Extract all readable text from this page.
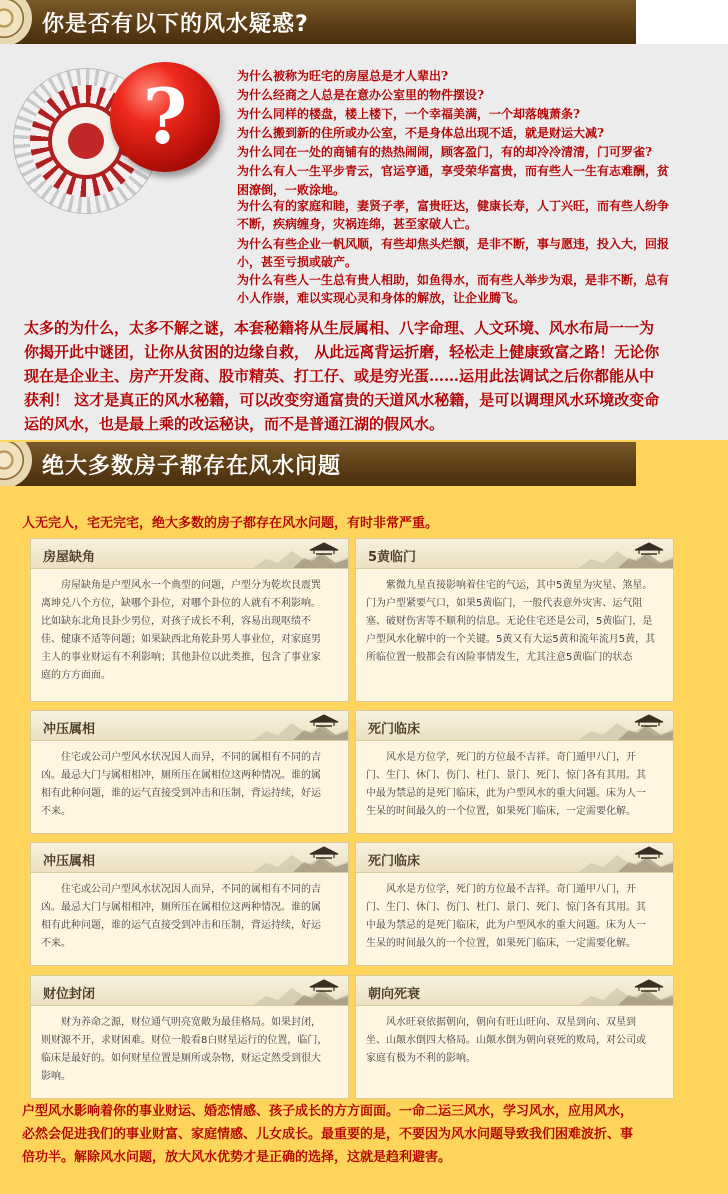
你是否有以下的风水疑惑?
?	为什么被称为旺宅的房屋总是才人辈出?
为什么经商之人总是在意办公室里的物件摆设?
为什么同样的楼盘，楼上楼下，一个幸福美满，一个却落魄萧条?
为什么搬到新的住所或办公室，不是身体总出现不适，就是财运大减?
为什么同在一处的商铺有的热热闹闹，顾客盈门，有的却冷冷清清，门可罗雀?
为什么有人一生平步青云，官运亨通，享受荣华富贵，而有些人一生有志难酬，贫
困潦倒，一败涂地。
为什么有的家庭和睦，妻贤子孝，富贵旺达，健康长寿，人丁兴旺，而有些人纷争
不断，疾病缠身，灾祸连绵，甚至家破人亡。
为什么有些企业一帆风顺，有些却焦头烂额，是非不断，事与愿违，投入大，回报
小，甚至亏损或破产。
为什么有些人一生总有贵人相助，如鱼得水，而有些人举步为艰，是非不断，总有
小人作崇，难以实现心灵和身体的解放，让企业腾飞。
太多的为什么，太多不解之谜，本套秘籍将从生辰属相、八字命理、人文环境、风水布局一一为
你揭开此中谜团，让你从贫困的边缘自救， 从此远离背运折磨，轻松走上健康致富之路！无论你
现在是企业主、房产开发商、股市精英、打工仔、或是穷光蛋……运用此法调试之后你都能从中
获利！ 这才是真正的风水秘籍，可以改变穷通富贵的天道风水秘籍，是可以调理风水环境改变命
运的风水，也是最上乘的改运秘诀，而不是普通江湖的假风水。
绝大多数房子都存在风水问题
人无完人，宅无完宅，绝大多数的房子都存在风水问题，有时非常严重。
房屋缺角
房屋缺角是户型风水一个典型的问题，户型分为乾坎艮震巽
离坤兑八个方位，缺哪个卦位，对哪个卦位的人就有不利影响。
比如缺东北角艮卦少男位，对孩子成长不利，容易出现呕绩不
佳、健康不适等问题；如果缺西北角乾卦男人事业位，对家庭男
主人的事业财运有不利影响；其他卦位以此类推，包含了事业家
庭的方方面面。
5黄临门
紫微九星直接影响着住宅的气运，其中5黄星为灾星、煞星。
门为户型紧要气口，如果5黄临门，一般代表意外灾害、运气阻
塞、破财伤害等不顺利的信息。无论住宅还是公司，5黄临门，是
户型风水化解中的一个关键。5黄又有大运5黄和流年流月5黄，其
所临位置一般都会有凶险事情发生，尤其注意5黄临门的状态
冲压属相
住宅或公司户型风水状况因人而异，不同的属相有不同的吉
凶。最忌大门与属相相冲，厕所压在属相位这两种情况。谁的属
相有此种问题，谁的运气直接受到冲击和压制，背运持续，好运
不来。
死门临床
风水是方位学，死门的方位最不吉祥。奇门遁甲八门，开
门、生门、休门、伤门、杜门、景门、死门、惊门各有其用。其
中最为禁忌的是死门临床，此为户型风水的重大问题。床为人一
生呆的时间最久的一个位置，如果死门临床，一定需要化解。
冲压属相
住宅或公司户型风水状况因人而异，不同的属相有不同的吉
凶。最忌大门与属相相冲，厕所压在属相位这两种情况。谁的属
相有此种问题，谁的运气直接受到冲击和压制，背运持续，好运
不来。
死门临床
风水是方位学，死门的方位最不吉祥。奇门遁甲八门，开
门、生门、休门、伤门、杜门、景门、死门、惊门各有其用。其
中最为禁忌的是死门临床，此为户型风水的重大问题。床为人一
生呆的时间最久的一个位置，如果死门临床，一定需要化解。
财位封闭
财为养命之源，财位通气明亮宽敞为最佳格局。如果封闭，
则财源不开，求财困难。财位一般看8白财星运行的位置，临门，
临床是最好的。如何财星位置是厕所或杂物，财运定然受到很大
影响。
朝向死衰
风水旺衰依据朝向，朝向有旺山旺向、双星到向、双星到
坐、山颠水倒四大格局。山颠水倒为朝向衰死的败局，对公司或
家庭有极为不利的影响。
户型风水影响着你的事业财运、婚恋情感、孩子成长的方方面面。一命二运三风水，学习风水，应用风水，
必然会促进我们的事业财富、家庭情感、儿女成长。最重要的是，不要因为风水问题导致我们困难波折、事
倍功半。解除风水问题，放大风水优势才是正确的选择，这就是趋利避害。
